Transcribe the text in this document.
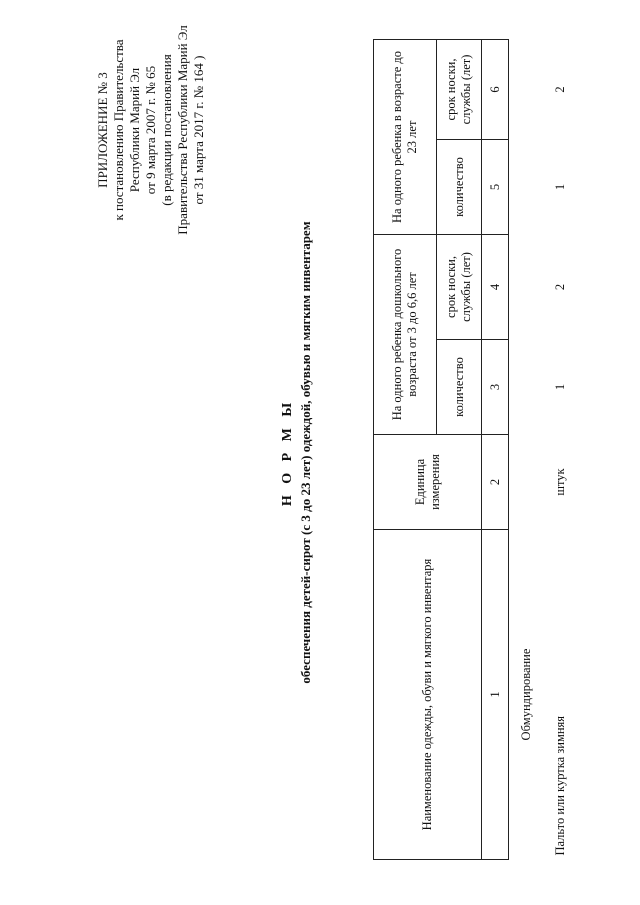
ПРИЛОЖЕНИЕ № 3 к постановлению Правительства Республики Марий Эл от 9 марта 2007 г. № 65 (в редакции постановления Правительства Республики Марий Эл от 31 марта 2017 г. № 164 )
Н О Р М Ы обеспечения детей-сирот (с 3 до 23 лет) одеждой, обувью и мягким инвентарем
Наименование одежды, обуви и мягкого инвентаря	Единица измерения	На одного ребенка дошкольного возраста от 3 до 6,6 лет		На одного ребенка в возрасте до 23 лет	
		количество	срок носки, службы (лет)	количество	срок носки, службы (лет)
1	2	3	4	5	6
Обмундирование					
Пальто или куртка зимняя	штук	1	2	1	2
